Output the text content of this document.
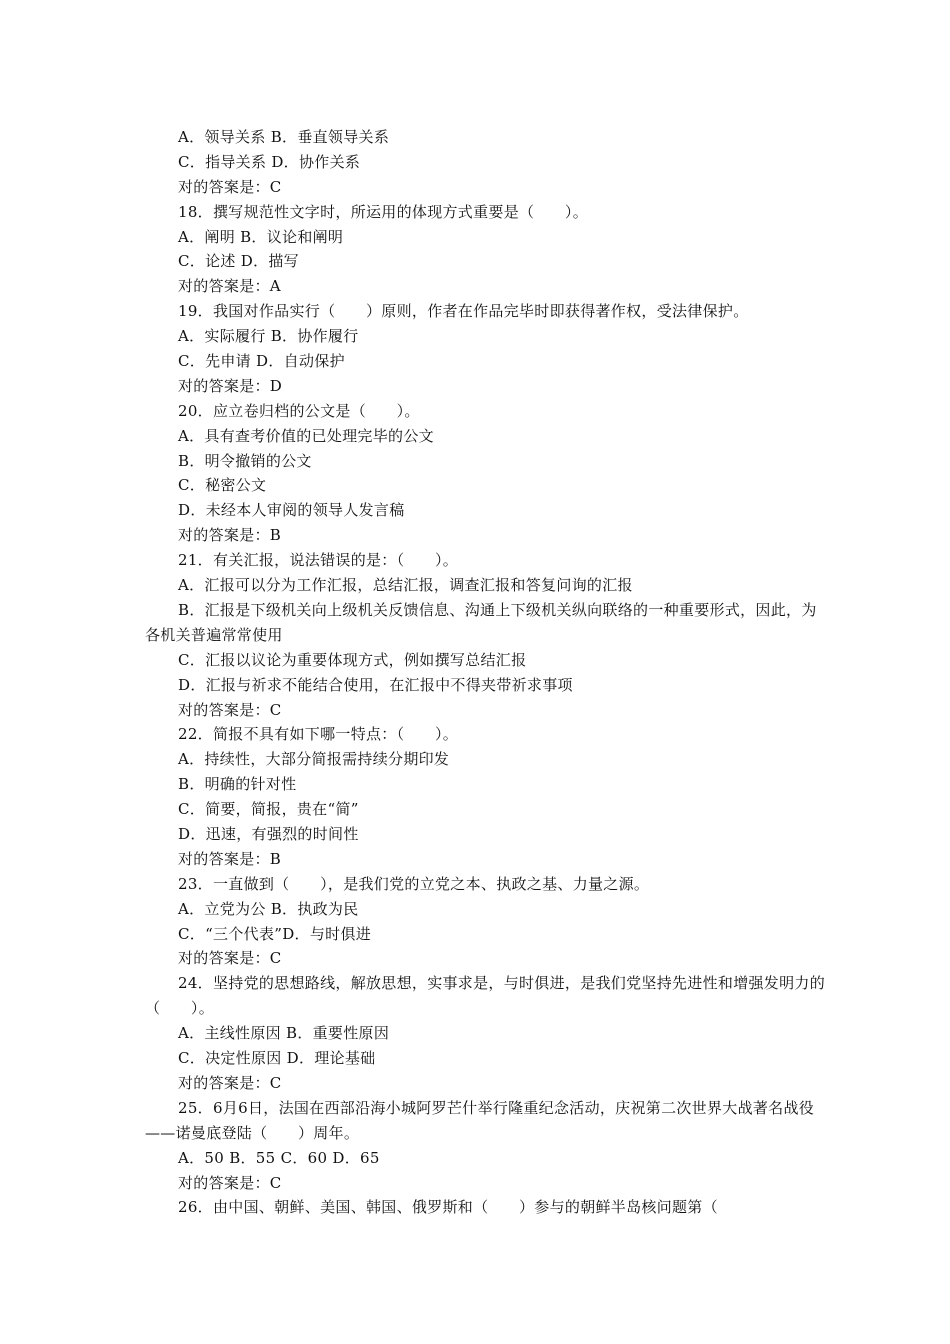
A．领导关系 B．垂直领导关系
C．指导关系 D．协作关系
对的答案是：C
18．撰写规范性文字时，所运用的体现方式重要是（　　）。
A．阐明 B．议论和阐明
C．论述 D．描写
对的答案是：A
19．我国对作品实行（　　）原则，作者在作品完毕时即获得著作权，受法律保护。
A．实际履行 B．协作履行
C．先申请 D．自动保护
对的答案是：D
20．应立卷归档的公文是（　　）。
A．具有查考价值的已处理完毕的公文
B．明令撤销的公文
C．秘密公文
D．未经本人审阅的领导人发言稿
对的答案是：B
21．有关汇报，说法错误的是：（　　）。
A．汇报可以分为工作汇报，总结汇报，调查汇报和答复问询的汇报
B．汇报是下级机关向上级机关反馈信息、沟通上下级机关纵向联络的一种重要形式，因此，为各机关普遍常常使用
C．汇报以议论为重要体现方式，例如撰写总结汇报
D．汇报与祈求不能结合使用，在汇报中不得夹带祈求事项
对的答案是：C
22．简报不具有如下哪一特点：（　　）。
A．持续性，大部分简报需持续分期印发
B．明确的针对性
C．简要，简报，贵在“简”
D．迅速，有强烈的时间性
对的答案是：B
23．一直做到（　　），是我们党的立党之本、执政之基、力量之源。
A．立党为公 B．执政为民
C．“三个代表”D．与时俱进
对的答案是：C
24．坚持党的思想路线，解放思想，实事求是，与时俱进，是我们党坚持先进性和增强发明力的（　　）。
A．主线性原因 B．重要性原因
C．决定性原因 D．理论基础
对的答案是：C
25．6月6日，法国在西部沿海小城阿罗芒什举行隆重纪念活动，庆祝第二次世界大战著名战役——诺曼底登陆（　　）周年。
A．50 B．55 C．60 D．65
对的答案是：C
26．由中国、朝鲜、美国、韩国、俄罗斯和（　　）参与的朝鲜半岛核问题第（
